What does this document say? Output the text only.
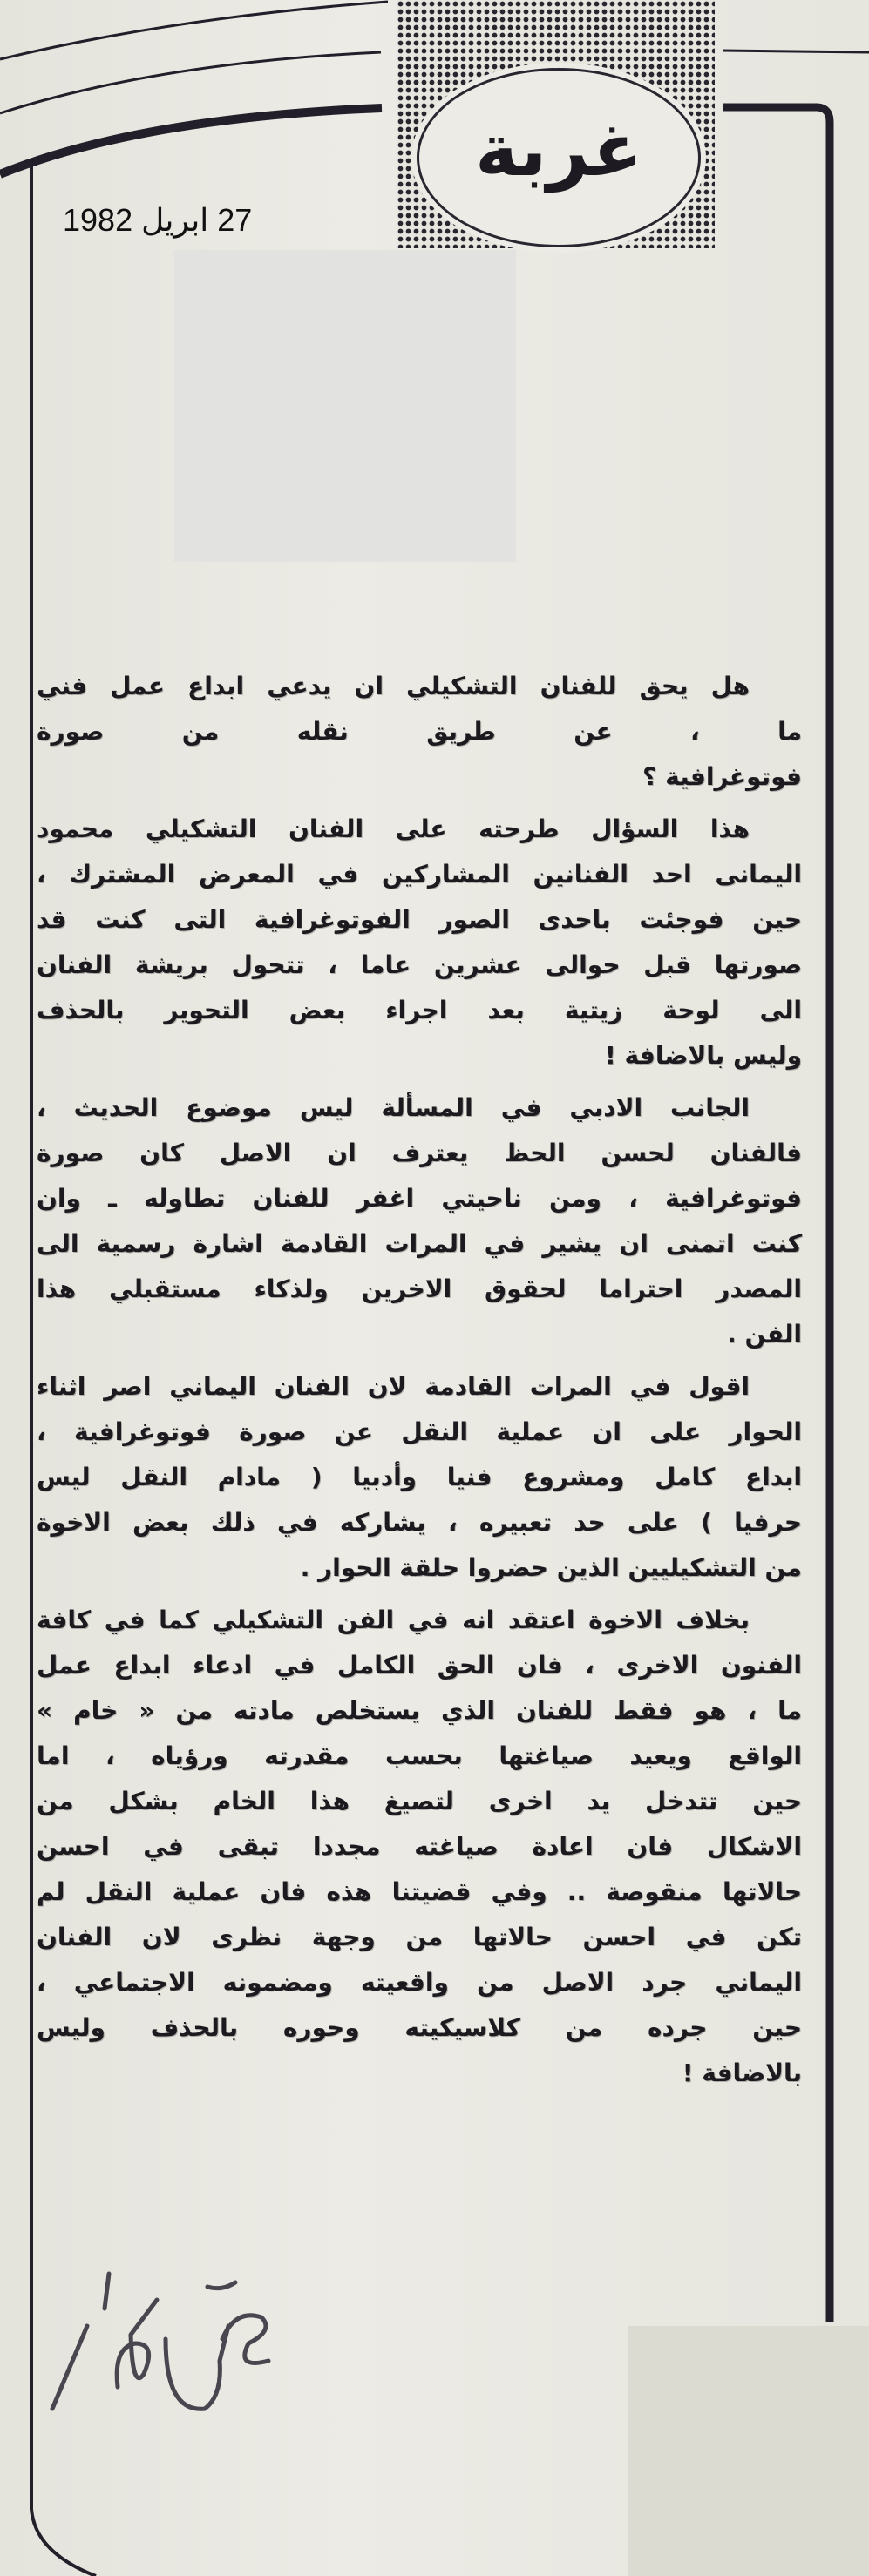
غربة
27 ابريل 1982
هل يحق للفنان التشكيلي ان يدعي ابداع عمل فني
ما ، عن طريق نقله من صورة
فوتوغرافية ؟
هذا السؤال طرحته على الفنان التشكيلي محمود
اليمانى احد الفنانين المشاركين في المعرض المشترك ،
حين فوجئت باحدى الصور الفوتوغرافية التى كنت قد
صورتها قبل حوالى عشرين عاما ، تتحول بريشة الفنان
الى لوحة زيتية بعد اجراء بعض التحوير بالحذف
وليس بالاضافة !
الجانب الادبي في المسألة ليس موضوع الحديث ،
فالفنان لحسن الحظ يعترف ان الاصل كان صورة
فوتوغرافية ، ومن ناحيتي اغفر للفنان تطاوله ـ وان
كنت اتمنى ان يشير في المرات القادمة اشارة رسمية الى
المصدر احتراما لحقوق الاخرين ولذكاء مستقبلي هذا
الفن .
اقول في المرات القادمة لان الفنان اليماني اصر اثناء
الحوار على ان عملية النقل عن صورة فوتوغرافية ،
ابداع كامل ومشروع فنيا وأدبيا ( مادام النقل ليس
حرفيا ) على حد تعبيره ، يشاركه في ذلك بعض الاخوة
من التشكيليين الذين حضروا حلقة الحوار .
بخلاف الاخوة اعتقد انه في الفن التشكيلي كما في كافة
الفنون الاخرى ، فان الحق الكامل في ادعاء ابداع عمل
ما ، هو فقط للفنان الذي يستخلص مادته من « خام »
الواقع ويعيد صياغتها بحسب مقدرته ورؤياه ، اما
حين تتدخل يد اخرى لتصيغ هذا الخام بشكل من
الاشكال فان اعادة صياغته مجددا تبقى في احسن
حالاتها منقوصة .. وفي قضيتنا هذه فان عملية النقل لم
تكن في احسن حالاتها من وجهة نظرى لان الفنان
اليماني جرد الاصل من واقعيته ومضمونه الاجتماعي ،
حين جرده من كلاسيكيته وحوره بالحذف وليس
بالاضافة !
